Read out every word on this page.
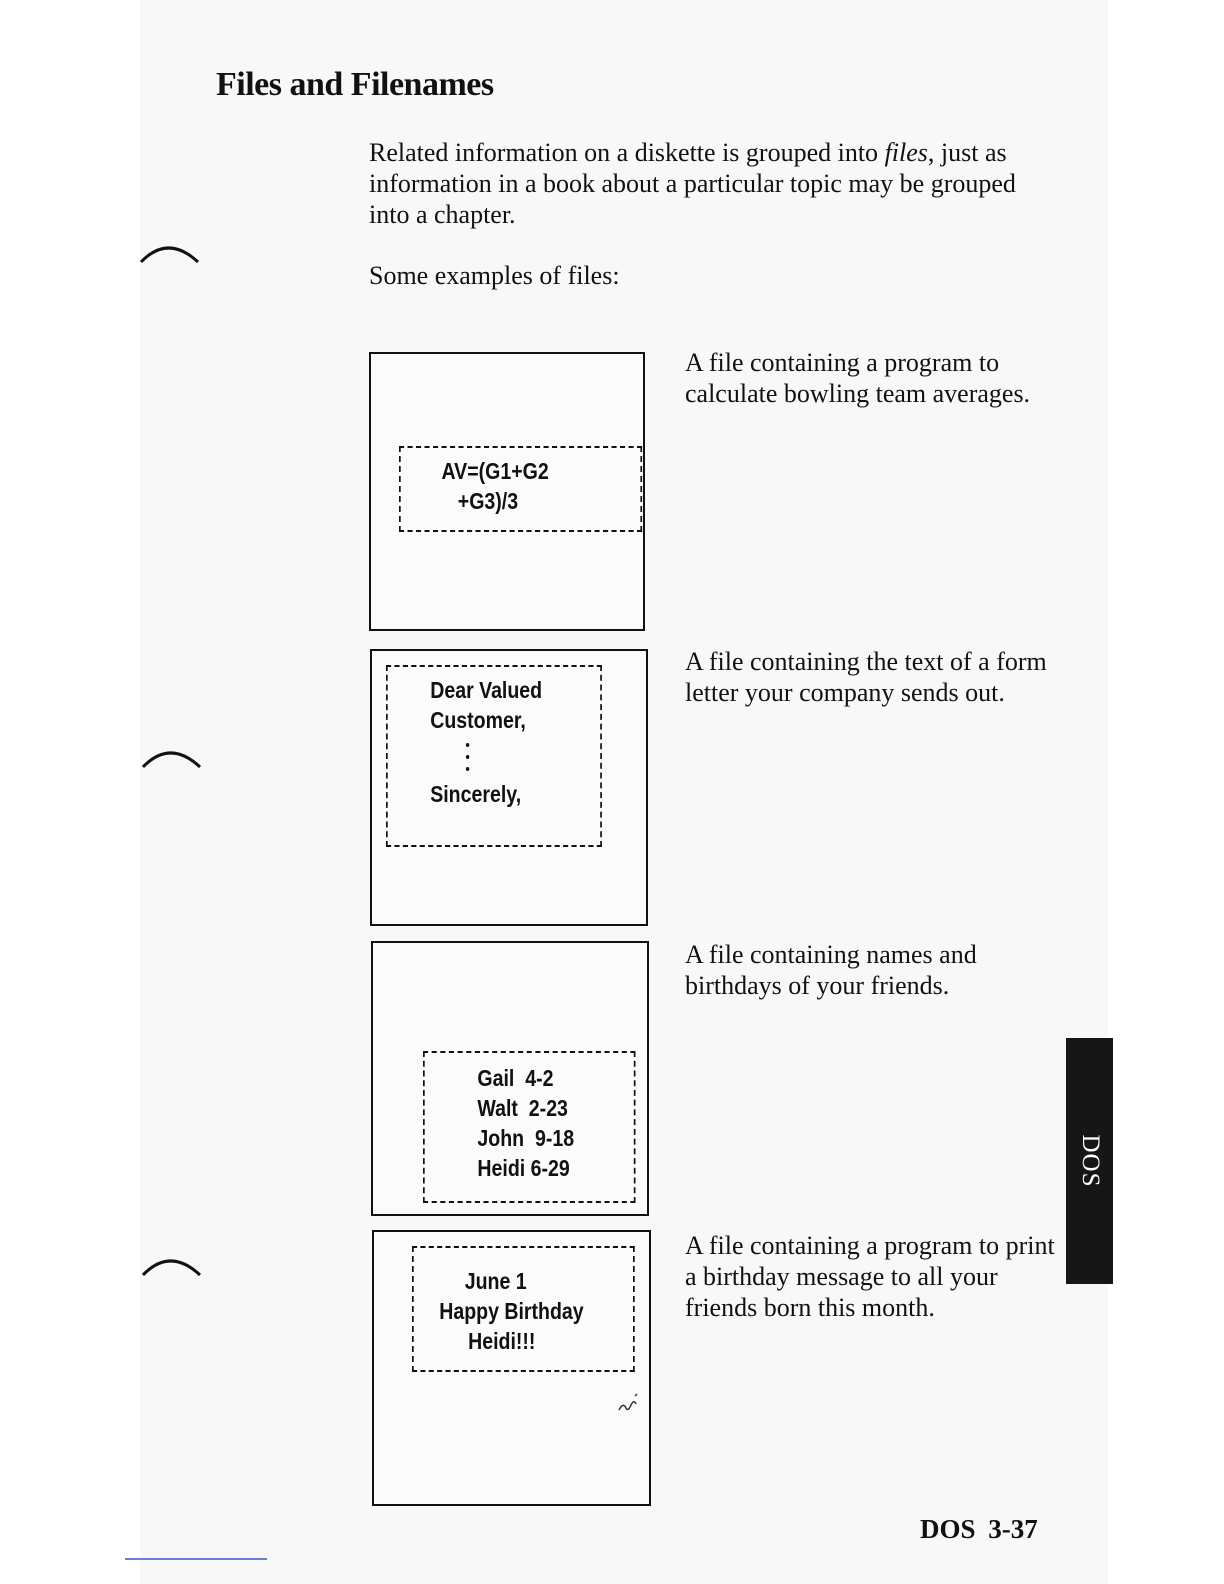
Files and Filenames

Related information on a diskette is grouped into files, just as information in a book about a particular topic may be grouped into a chapter.

Some examples of files:

AV=(G1+G2
+G3)/3

A file containing a program to calculate bowling team averages.

Dear Valued
Customer,
Sincerely,

A file containing the text of a form letter your company sends out.

Gail  4-2
Walt  2-23
John  9-18
Heidi 6-29

A file containing names and birthdays of your friends.

June 1
Happy Birthday
Heidi!!!

A file containing a program to print a birthday message to all your friends born this month.

DOS

DOS 3-37
